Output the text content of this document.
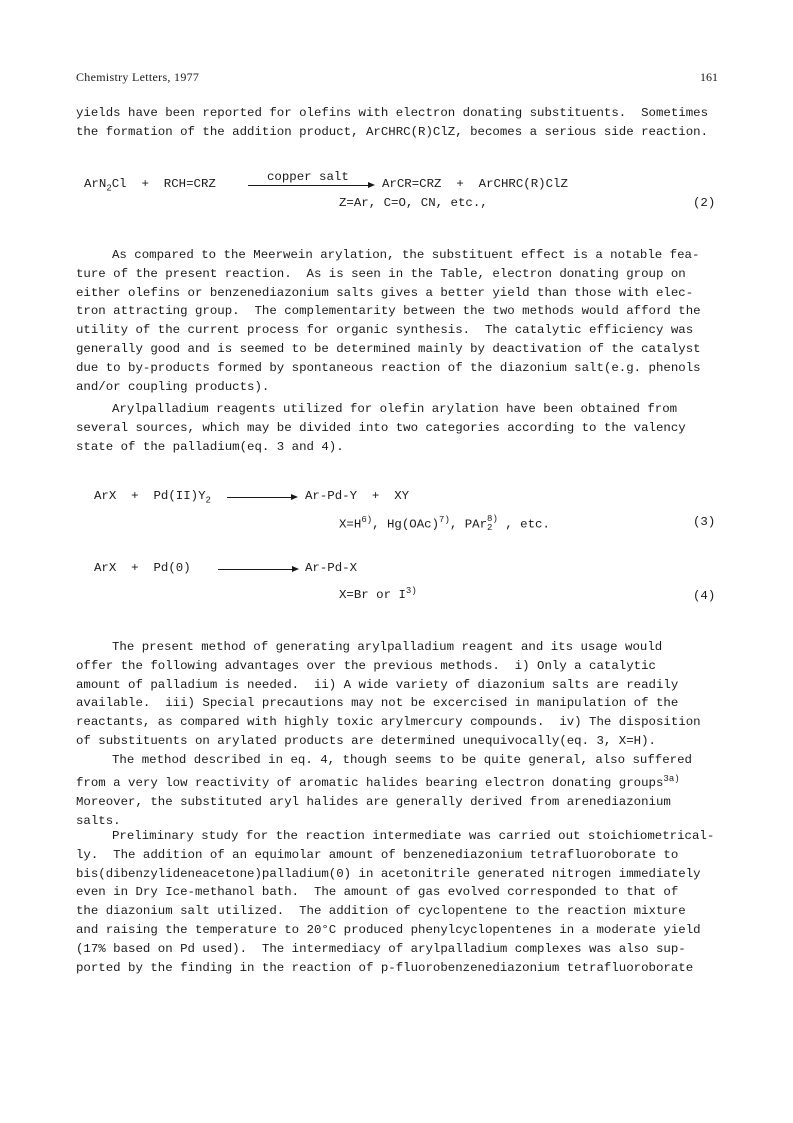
Chemistry Letters, 1977	161
yields have been reported for olefins with electron donating substituents.  Sometimes
the formation of the addition product, ArCHRC(R)ClZ, becomes a serious side reaction.
ArN$_2$Cl  +  RCH=CRZ	copper salt	ArCR=CRZ  +  ArCHRC(R)ClZ
Z=Ar, C=O, CN, etc.,	(2)
As compared to the Meerwein arylation, the substituent effect is a notable fea-
ture of the present reaction.  As is seen in the Table, electron donating group on
either olefins or benzenediazonium salts gives a better yield than those with elec-
tron attracting group.  The complementarity between the two methods would afford the
utility of the current process for organic synthesis.  The catalytic efficiency was
generally good and is seemed to be determined mainly by deactivation of the catalyst
due to by-products formed by spontaneous reaction of the diazonium salt(e.g. phenols
and/or coupling products).
Arylpalladium reagents utilized for olefin arylation have been obtained from
several sources, which may be divided into two categories according to the valency
state of the palladium(eq. 3 and 4).
ArX  +  $Pd(II)Y_2$	Ar-Pd-Y  +  XY
$X=H^{6)}$, Hg(OAc)$^{7)}$, PAr 8)
2 , etc.	(3)
ArX  +  Pd(0)	Ar-Pd-X
X=Br or $I^{3)}$	(4)
The present method of generating arylpalladium reagent and its usage would
offer the following advantages over the previous methods.  i) Only a catalytic
amount of palladium is needed.  ii) A wide variety of diazonium salts are readily
available.  iii) Special precautions may not be excercised in manipulation of the
reactants, as compared with highly toxic arylmercury compounds.  iv) The disposition
of substituents on arylated products are determined unequivocally(eq. 3, X=H).
The method described in eq. 4, though seems to be quite general, also suffered
from a very low reactivity of aromatic halides bearing electron donating groups$^{3a)}$
Moreover, the substituted aryl halides are generally derived from arenediazonium
salts.
Preliminary study for the reaction intermediate was carried out stoichiometrical-
ly.  The addition of an equimolar amount of benzenediazonium tetrafluoroborate to
bis(dibenzylideneacetone)palladium(0) in acetonitrile generated nitrogen immediately
even in Dry Ice-methanol bath.  The amount of gas evolved corresponded to that of
the diazonium salt utilized.  The addition of cyclopentene to the reaction mixture
and raising the temperature to 20°C produced phenylcyclopentenes in a moderate yield
(17% based on Pd used).  The intermediacy of arylpalladium complexes was also sup-
ported by the finding in the reaction of p-fluorobenzenediazonium tetrafluoroborate
